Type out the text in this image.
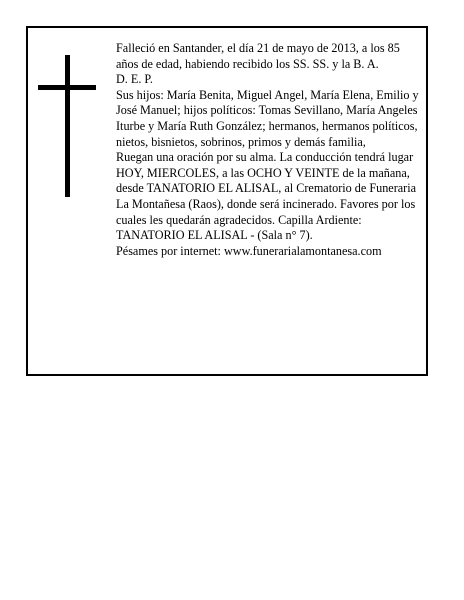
Falleció en Santander, el día 21 de mayo de 2013, a los 85 años de edad, habiendo recibido los SS. SS. y la B. A.

D. E. P.

Sus hijos: María Benita, Miguel Angel, María Elena, Emilio y José Manuel; hijos políticos: Tomas Sevillano, María Angeles Iturbe y María Ruth González; hermanos, hermanos políticos, nietos, bisnietos, sobrinos, primos y demás familia,

Ruegan una oración por su alma. La conducción tendrá lugar HOY, MIERCOLES, a las OCHO Y VEINTE de la mañana, desde TANATORIO EL ALISAL, al Crematorio de Funeraria La Montañesa (Raos), donde será incinerado. Favores por los cuales les quedarán agradecidos. Capilla Ardiente: TANATORIO EL ALISAL - (Sala n° 7).

Pésames por internet: www.funerarialamontanesa.com
